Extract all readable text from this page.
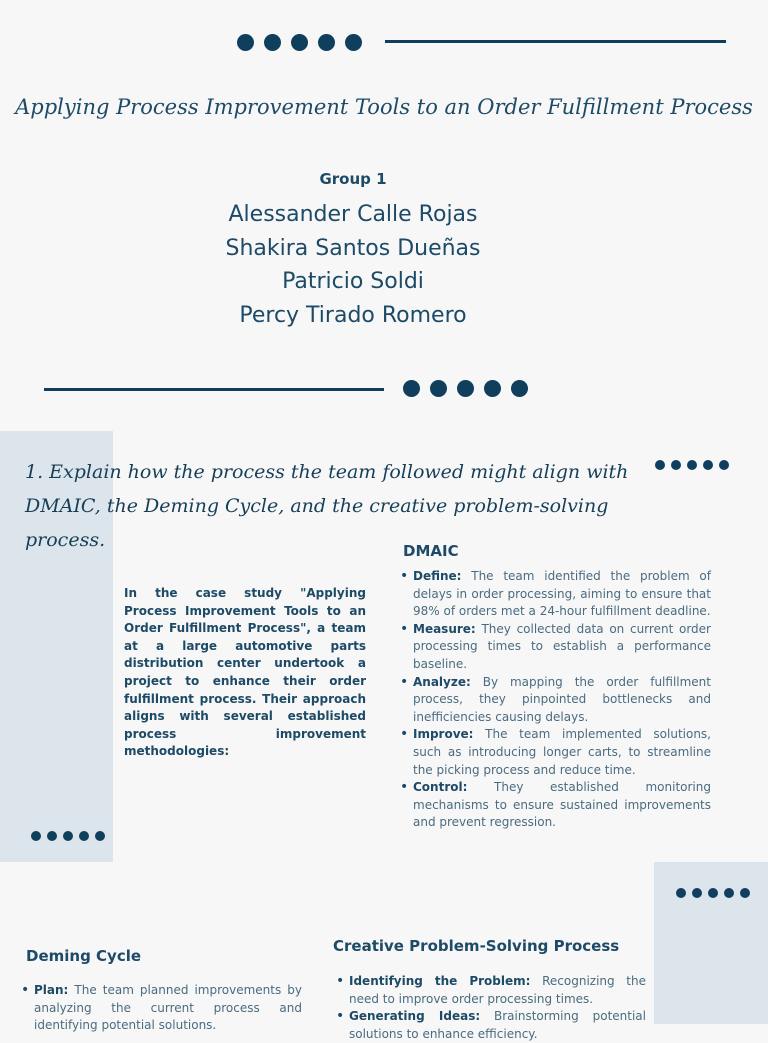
Applying Process Improvement Tools to an Order Fulfillment Process
Group 1
Alessander Calle Rojas
Shakira Santos Dueñas
Patricio Soldi
Percy Tirado Romero
1. Explain how the process the team followed might align with DMAIC, the Deming Cycle, and the creative problem-solving process.
In the case study "Applying Process Improvement Tools to an Order Fulfillment Process", a team at a large automotive parts distribution center undertook a project to enhance their order fulfillment process. Their approach aligns with several established process improvement methodologies:
DMAIC
• Define: The team identified the problem of delays in order processing, aiming to ensure that 98% of orders met a 24-hour fulfillment deadline.
• Measure: They collected data on current order processing times to establish a performance baseline.
• Analyze: By mapping the order fulfillment process, they pinpointed bottlenecks and inefficiencies causing delays.
• Improve: The team implemented solutions, such as introducing longer carts, to streamline the picking process and reduce time.
• Control: They established monitoring mechanisms to ensure sustained improvements and prevent regression.
Deming Cycle
• Plan: The team planned improvements by analyzing the current process and identifying potential solutions.
Creative Problem-Solving Process
• Identifying the Problem: Recognizing the need to improve order processing times.
• Generating Ideas: Brainstorming potential solutions to enhance efficiency.
